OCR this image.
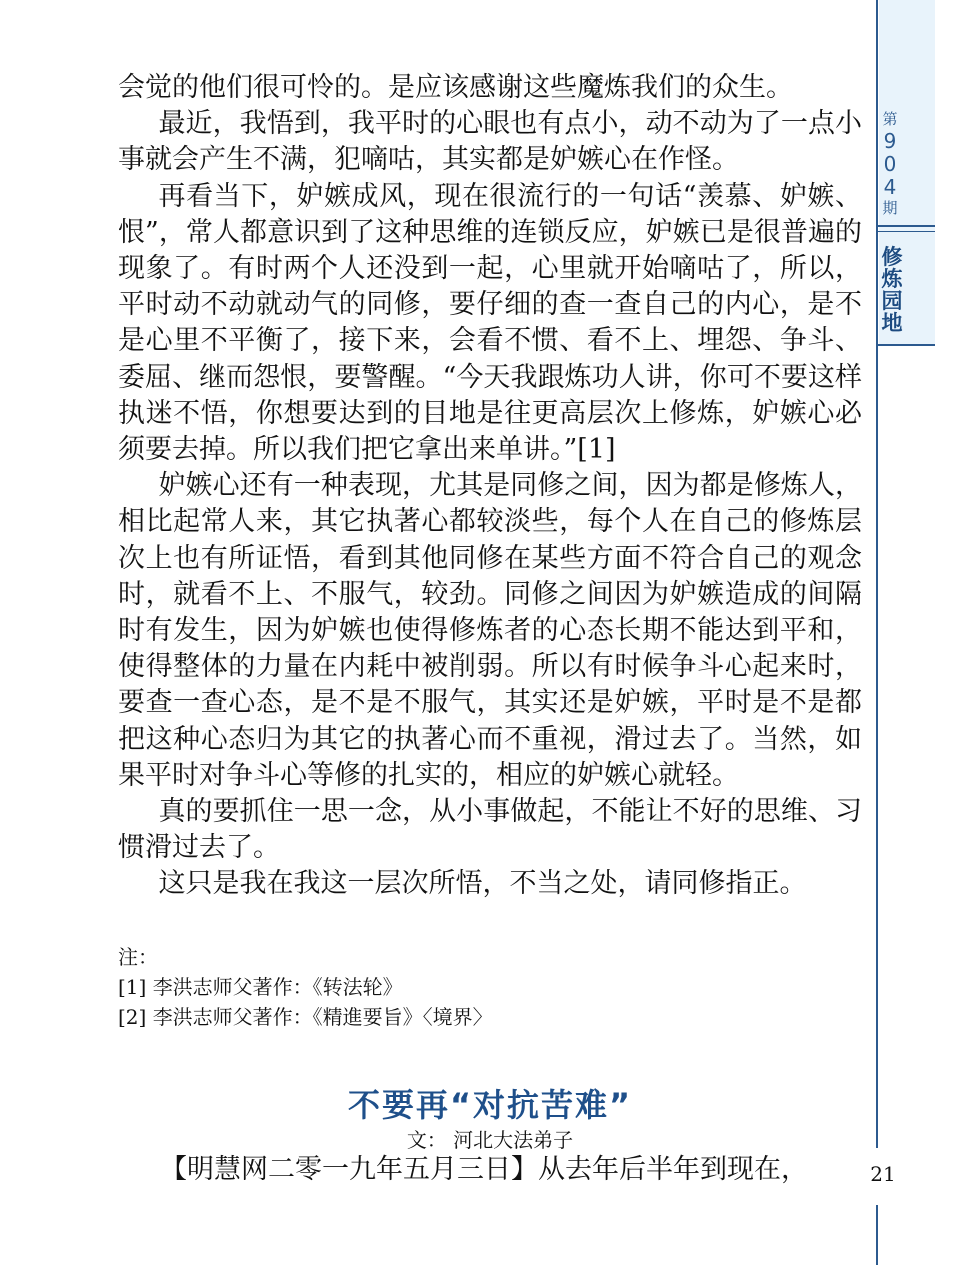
第
9
0
4
期
修
炼
园
地

会觉的他们很可怜的。是应该感谢这些魔炼我们的众生。

最近，我悟到，我平时的心眼也有点小，动不动为了一点小事就会产生不满，犯嘀咕，其实都是妒嫉心在作怪。

再看当下，妒嫉成风，现在很流行的一句话“羡慕、妒嫉、恨”，常人都意识到了这种思维的连锁反应，妒嫉已是很普遍的现象了。有时两个人还没到一起，心里就开始嘀咕了，所以，平时动不动就动气的同修，要仔细的查一查自己的内心，是不是心里不平衡了，接下来，会看不惯、看不上、埋怨、争斗、委屈、继而怨恨，要警醒。“今天我跟炼功人讲，你可不要这样执迷不悟，你想要达到的目地是往更高层次上修炼，妒嫉心必须要去掉。所以我们把它拿出来单讲。”[1]

妒嫉心还有一种表现，尤其是同修之间，因为都是修炼人，相比起常人来，其它执著心都较淡些，每个人在自己的修炼层次上也有所证悟，看到其他同修在某些方面不符合自己的观念时，就看不上、不服气，较劲。同修之间因为妒嫉造成的间隔时有发生，因为妒嫉也使得修炼者的心态长期不能达到平和，使得整体的力量在内耗中被削弱。所以有时候争斗心起来时，要查一查心态，是不是不服气，其实还是妒嫉，平时是不是都把这种心态归为其它的执著心而不重视，滑过去了。当然，如果平时对争斗心等修的扎实的，相应的妒嫉心就轻。

真的要抓住一思一念，从小事做起，不能让不好的思维、习惯滑过去了。

这只是我在我这一层次所悟，不当之处，请同修指正。

注：
[1] 李洪志师父著作：《转法轮》
[2] 李洪志师父著作：《精進要旨》〈境界〉
不要再“对抗苦难”
文： 河北大法弟子
【明慧网二零一九年五月三日】从去年后半年到现在，	21
